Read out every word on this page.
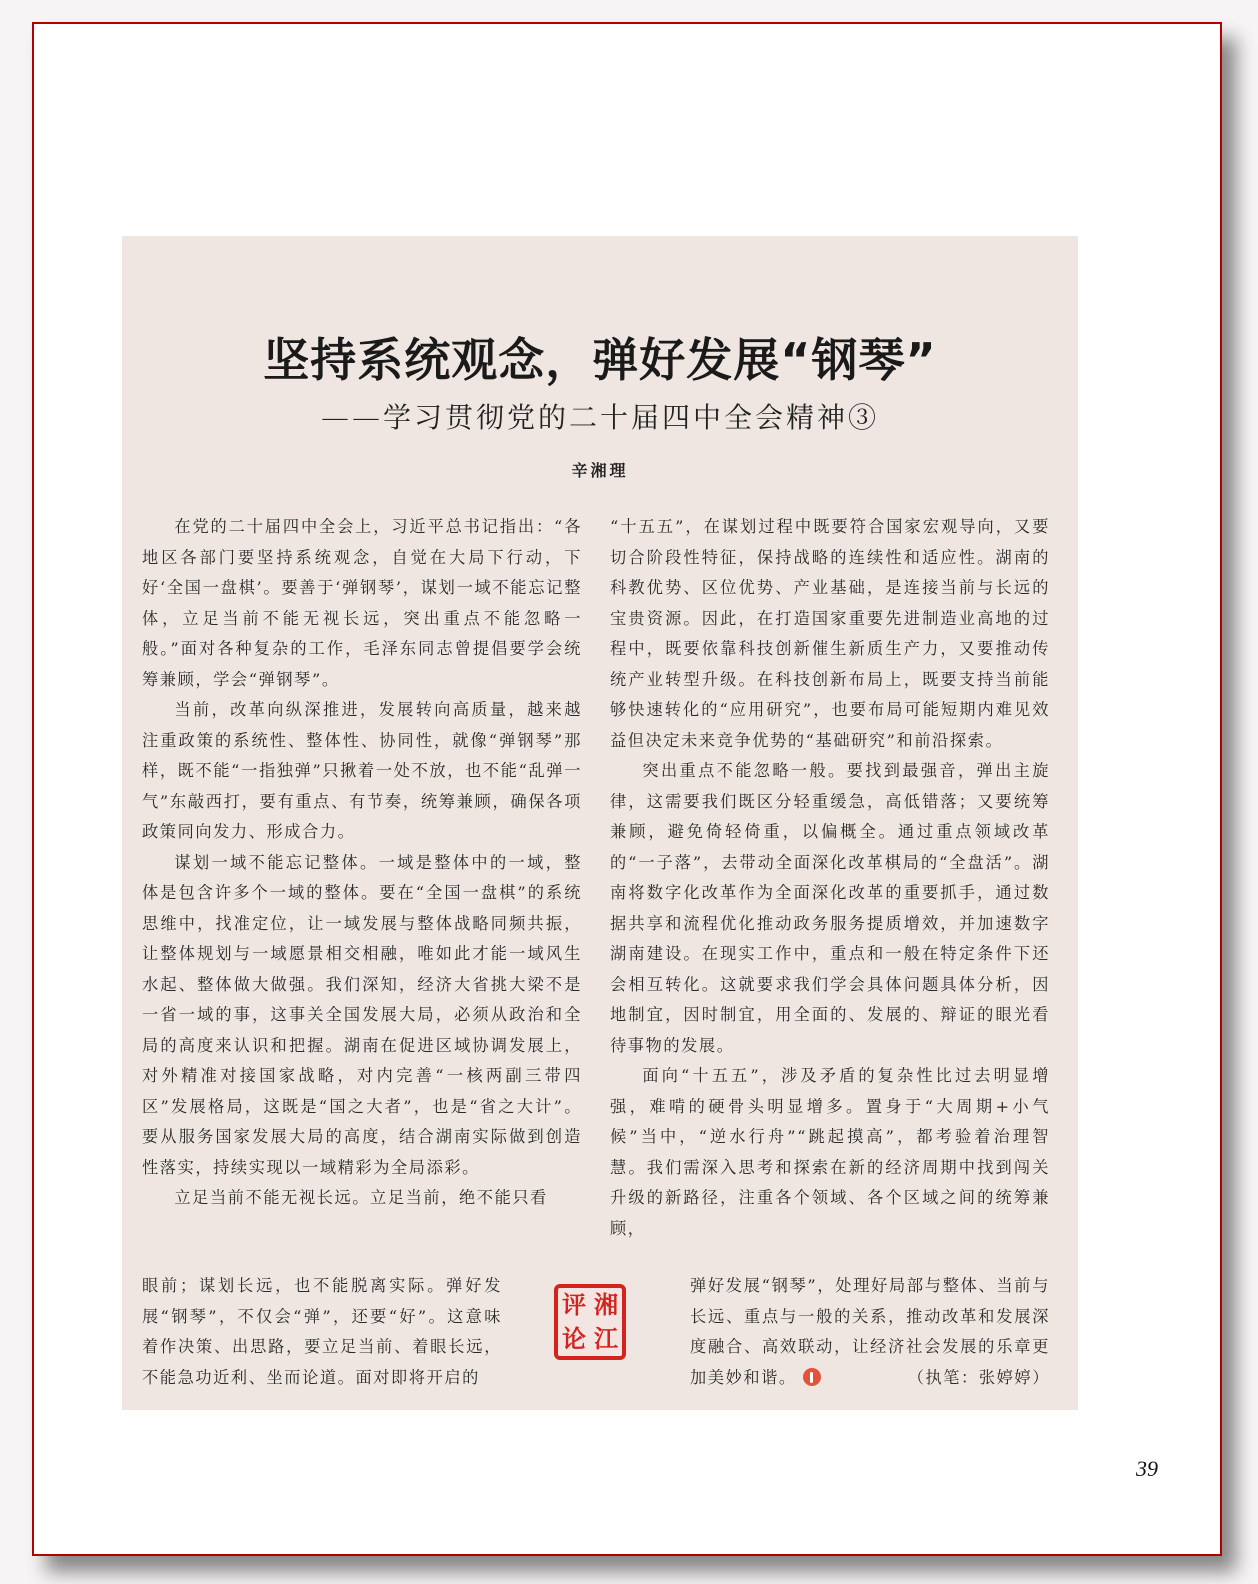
坚持系统观念，弹好发展“钢琴”
——学习贯彻党的二十届四中全会精神③
辛湘理

在党的二十届四中全会上，习近平总书记指出：“各地区各部门要坚持系统观念，自觉在大局下行动，下好‘全国一盘棋’。要善于‘弹钢琴’，谋划一域不能忘记整体，立足当前不能无视长远，突出重点不能忽略一般。”面对各种复杂的工作，毛泽东同志曾提倡要学会统筹兼顾，学会“弹钢琴”。

当前，改革向纵深推进，发展转向高质量，越来越注重政策的系统性、整体性、协同性，就像“弹钢琴”那样，既不能“一指独弹”只揪着一处不放，也不能“乱弹一气”东敲西打，要有重点、有节奏，统筹兼顾，确保各项政策同向发力、形成合力。

谋划一域不能忘记整体。一域是整体中的一域，整体是包含许多个一域的整体。要在“全国一盘棋”的系统思维中，找准定位，让一域发展与整体战略同频共振，让整体规划与一域愿景相交相融，唯如此才能一域风生水起、整体做大做强。我们深知，经济大省挑大梁不是一省一域的事，这事关全国发展大局，必须从政治和全局的高度来认识和把握。湖南在促进区域协调发展上，对外精准对接国家战略，对内完善“一核两副三带四区”发展格局，这既是“国之大者”，也是“省之大计”。要从服务国家发展大局的高度，结合湖南实际做到创造性落实，持续实现以一域精彩为全局添彩。

立足当前不能无视长远。立足当前，绝不能只看

眼前；谋划长远，也不能脱离实际。弹好发展“钢琴”，不仅会“弹”，还要“好”。这意味着作决策、出思路，要立足当前、着眼长远，不能急功近利、坐而论道。面对即将开启的

“十五五”，在谋划过程中既要符合国家宏观导向，又要切合阶段性特征，保持战略的连续性和适应性。湖南的科教优势、区位优势、产业基础，是连接当前与长远的宝贵资源。因此，在打造国家重要先进制造业高地的过程中，既要依靠科技创新催生新质生产力，又要推动传统产业转型升级。在科技创新布局上，既要支持当前能够快速转化的“应用研究”，也要布局可能短期内难见效益但决定未来竞争优势的“基础研究”和前沿探索。

突出重点不能忽略一般。要找到最强音，弹出主旋律，这需要我们既区分轻重缓急，高低错落；又要统筹兼顾，避免倚轻倚重，以偏概全。通过重点领域改革的“一子落”，去带动全面深化改革棋局的“全盘活”。湖南将数字化改革作为全面深化改革的重要抓手，通过数据共享和流程优化推动政务服务提质增效，并加速数字湖南建设。在现实工作中，重点和一般在特定条件下还会相互转化。这就要求我们学会具体问题具体分析，因地制宜，因时制宜，用全面的、发展的、辩证的眼光看待事物的发展。

面向“十五五”，涉及矛盾的复杂性比过去明显增强，难啃的硬骨头明显增多。置身于“大周期+小气候”当中，“逆水行舟”“跳起摸高”，都考验着治理智慧。我们需深入思考和探索在新的经济周期中找到闯关升级的新路径，注重各个领域、各个区域之间的统筹兼顾，

评 湘
论 江
弹好发展“钢琴”，处理好局部与整体、当前与长远、重点与一般的关系，推动改革和发展深度融合、高效联动，让经济社会发展的乐章更加美妙和谐。	（执笔：张婷婷）
39
